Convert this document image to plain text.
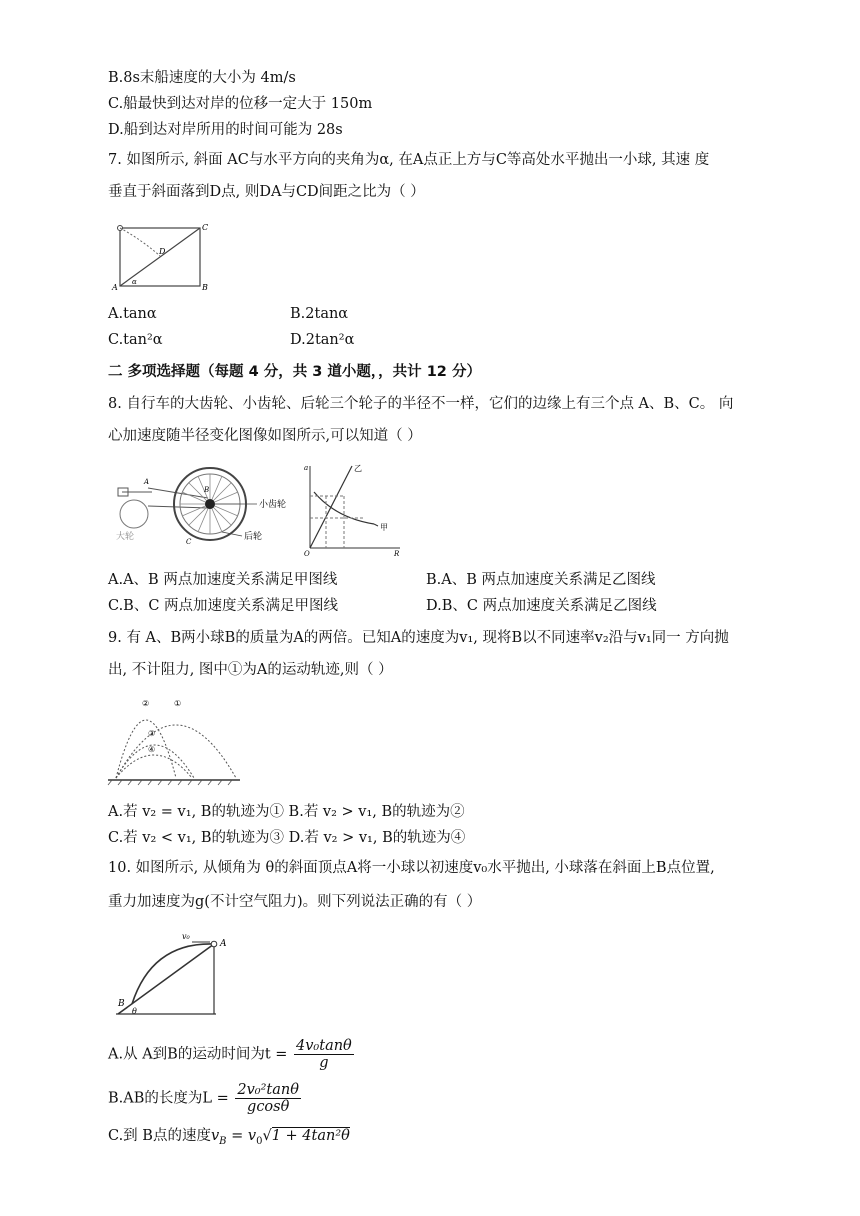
B.8s末船速度的大小为 4m/s
C.船最快到达对岸的位移一定大于 150m
D.船到达对岸所用的时间可能为 28s
7. 如图所示, 斜面 AC与水平方向的夹角为α, 在A点正上方与C等高处水平抛出一小球, 其速 度
垂直于斜面落到D点, 则DA与CD间距之比为（ ）
A	B
C
D
α
A.tanα	B.2tanα
C.tan²α	D.2tan²α
二 多项选择题（每题 4 分，共 3 道小题，，共计 12 分）
8. 自行车的大齿轮、小齿轮、后轮三个轮子的半径不一样，它们的边缘上有三个点 A、B、C。 向
心加速度随半径变化图像如图所示,可以知道（ ）
小齿轮
后轮
大轮
A
B
C
乙
甲
a
R
O
A.A、B 两点加速度关系满足甲图线	B.A、B 两点加速度关系满足乙图线
C.B、C 两点加速度关系满足甲图线	D.B、C 两点加速度关系满足乙图线
9. 有 A、B两小球B的质量为A的两倍。已知A的速度为v₁, 现将B以不同速率v₂沿与v₁同一 方向抛
出, 不计阻力, 图中①为A的运动轨迹,则（ ）
②	①
③
④
A.若 v₂ = v₁, B的轨迹为① B.若 v₂ > v₁, B的轨迹为②
C.若 v₂ < v₁, B的轨迹为③ D.若 v₂ > v₁, B的轨迹为④
10. 如图所示, 从倾角为 θ的斜面顶点A将一小球以初速度v₀水平抛出, 小球落在斜面上B点位置,
重力加速度为g(不计空气阻力)。则下列说法正确的有（ ）
v₀
A
B
θ
A.从 A到B的运动时间为$t = \frac{\text{4v₀tanθ}}{g}$
B.AB的长度为$L = \frac{\text{2v₀²tanθ}}{gcos\theta}$
C.到 B点的速度$v_B = v_0√1 + 4\tan^2\theta$
